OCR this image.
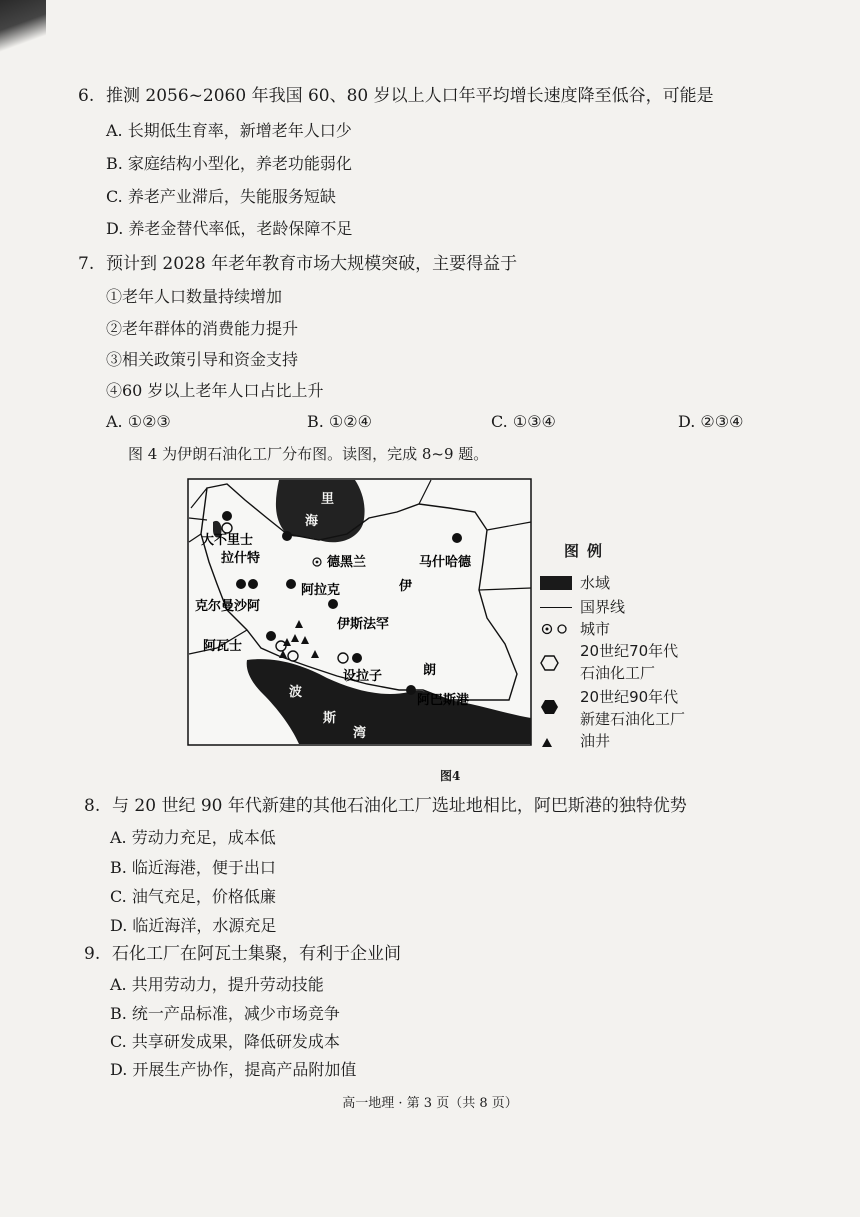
6. 推测 2056~2060 年我国 60、80 岁以上人口年平均增长速度降至低谷，可能是
A. 长期低生育率，新增老年人口少
B. 家庭结构小型化，养老功能弱化
C. 养老产业滞后，失能服务短缺
D. 养老金替代率低，老龄保障不足
7. 预计到 2028 年老年教育市场大规模突破，主要得益于
①老年人口数量持续增加
②老年群体的消费能力提升
③相关政策引导和资金支持
④60 岁以上老年人口占比上升
A. ①②③	B. ①②④	C. ①③④	D. ②③④
图 4 为伊朗石油化工厂分布图。读图，完成 8~9 题。
里
海
波
斯
湾
伊
朗
大不里士
拉什特	德黑兰	马什哈德
阿拉克
克尔曼沙阿
伊斯法罕
阿瓦士
设拉子
阿巴斯港
图例
水域
国界线
城市
20世纪70年代
石油化工厂
20世纪90年代
新建石油化工厂
油井
图4
8. 与 20 世纪 90 年代新建的其他石油化工厂选址地相比，阿巴斯港的独特优势
A. 劳动力充足，成本低
B. 临近海港，便于出口
C. 油气充足，价格低廉
D. 临近海洋，水源充足
9. 石化工厂在阿瓦士集聚，有利于企业间
A. 共用劳动力，提升劳动技能
B. 统一产品标准，减少市场竞争
C. 共享研发成果，降低研发成本
D. 开展生产协作，提高产品附加值
高一地理 · 第 3 页（共 8 页）
